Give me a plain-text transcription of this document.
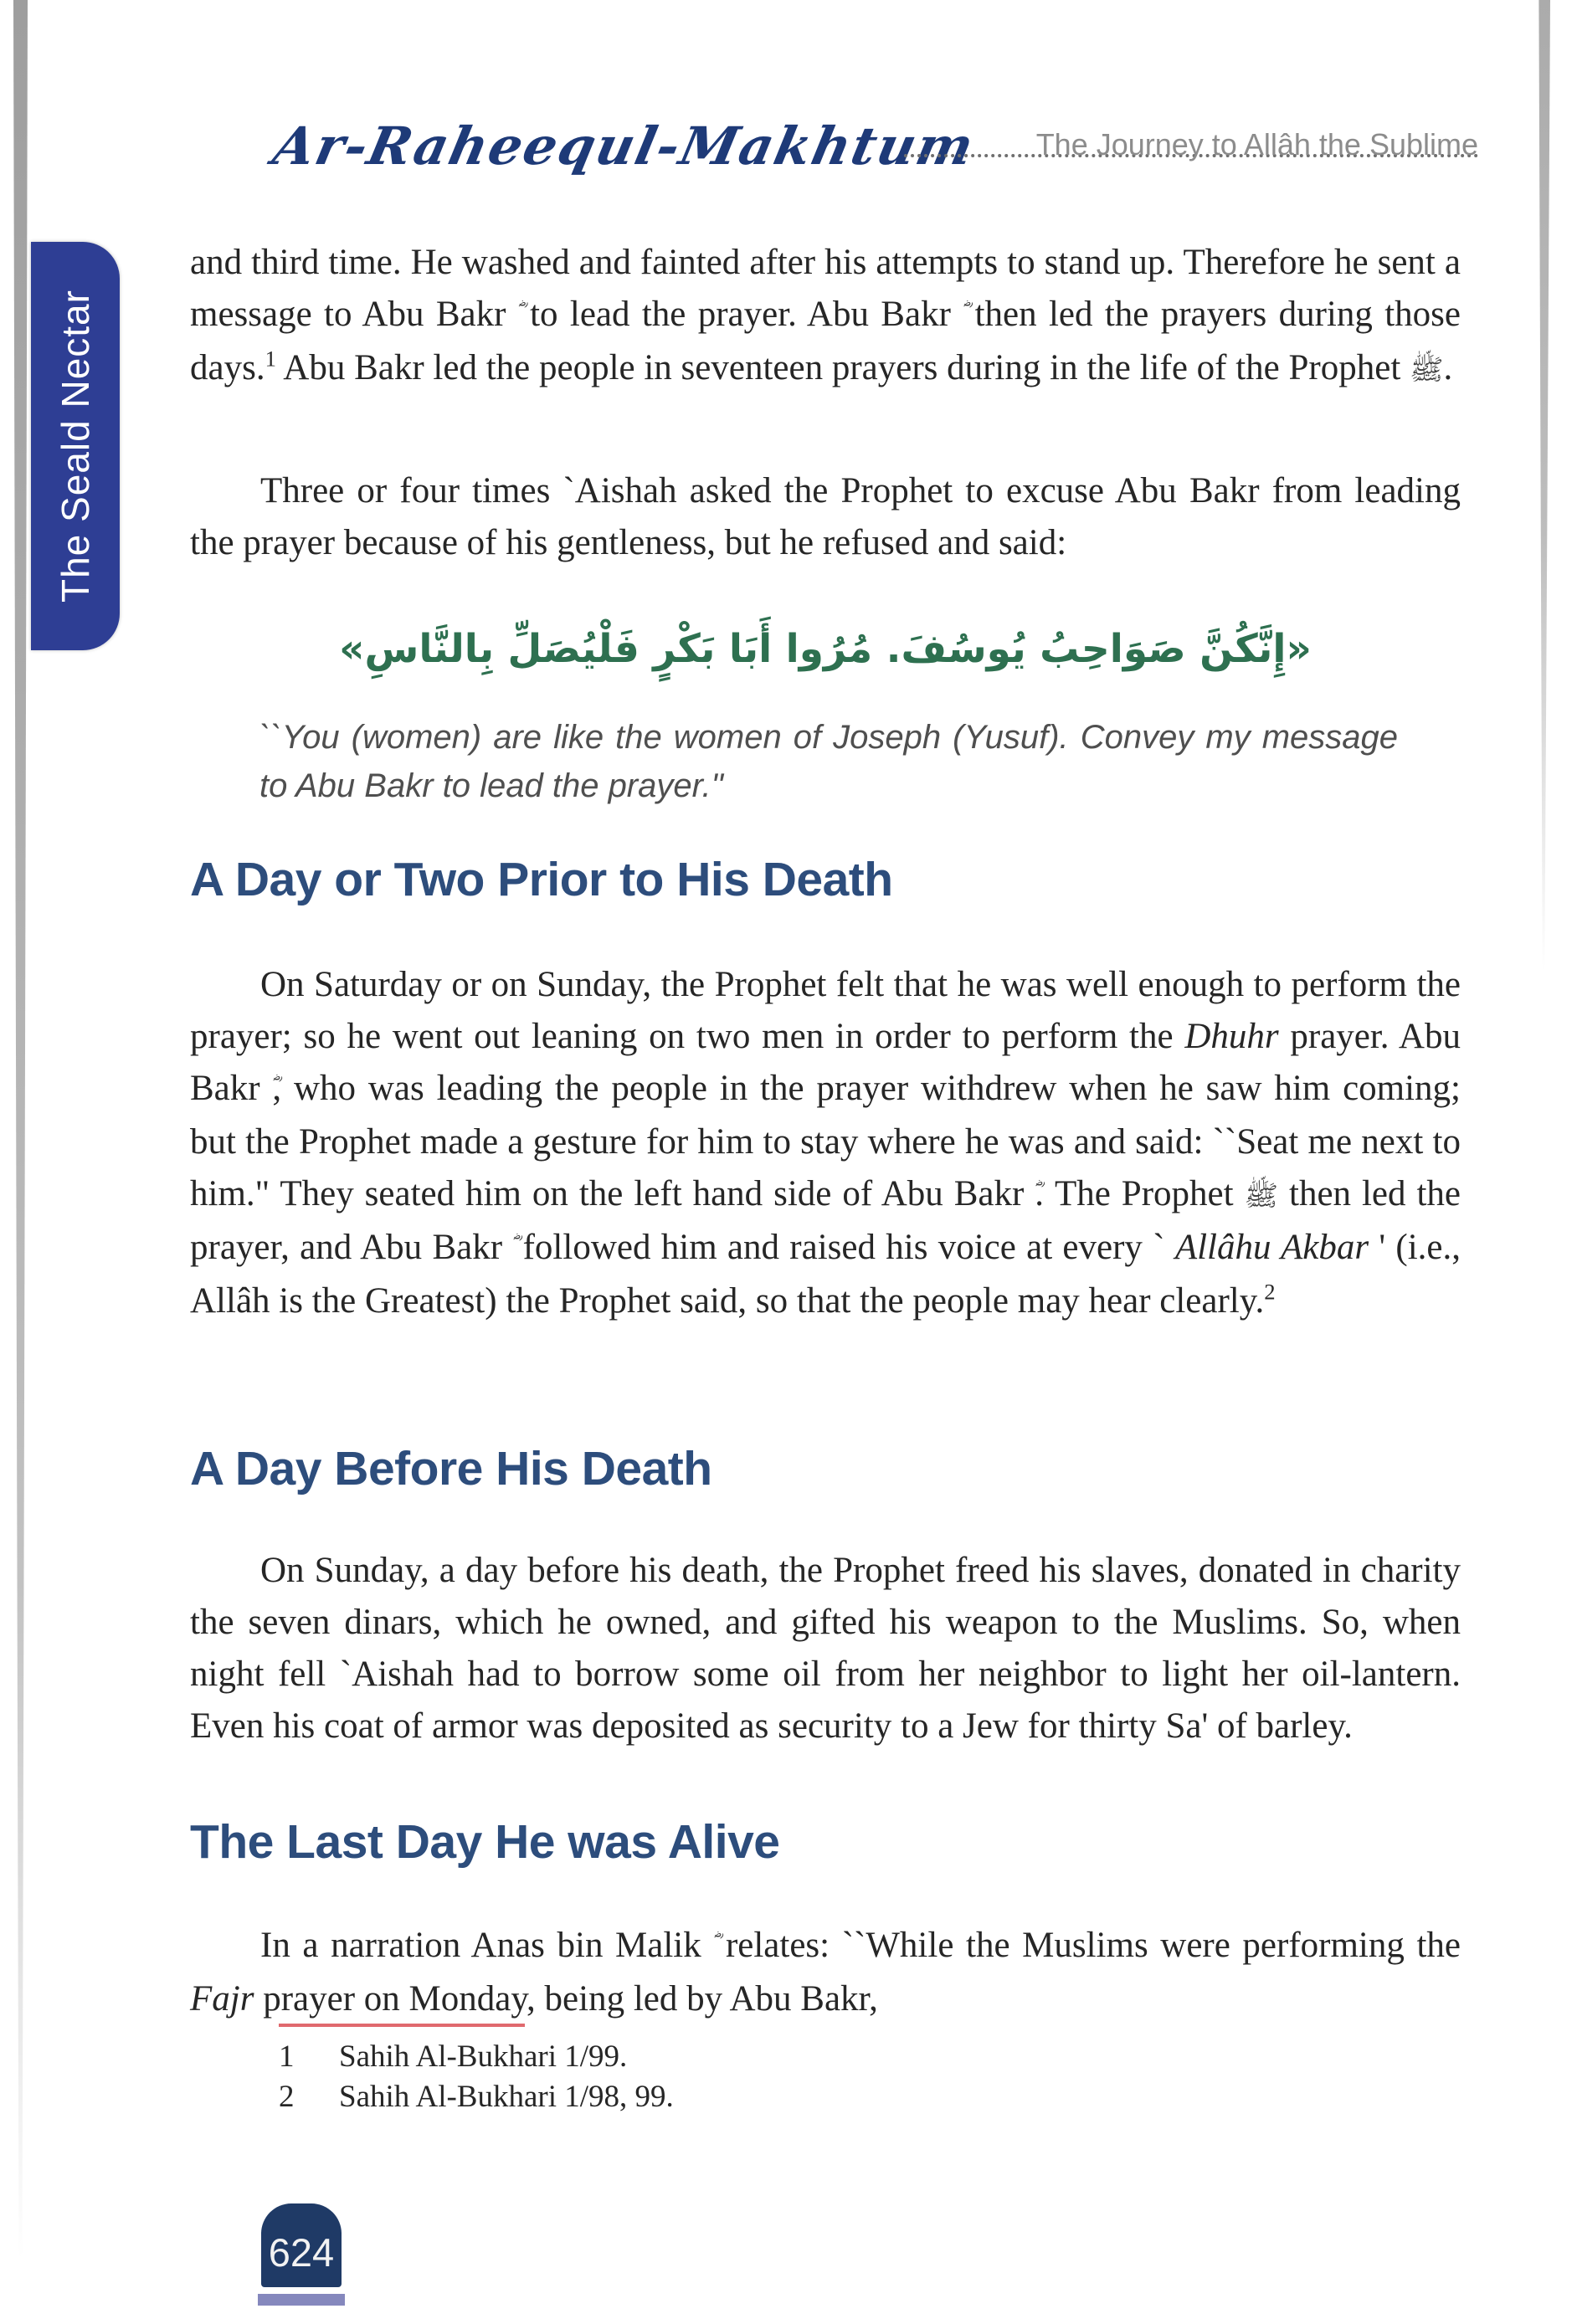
Ar-Raheequl-Makhtum	The Journey to Allâh the Sublime
The Seald Nectar
and third time. He washed and fainted after his attempts to stand up. Therefore he sent a message to Abu Bakr to lead the prayer. Abu Bakr then led the prayers during those days.$^1$ Abu Bakr led the people in seventeen prayers during in the life of the Prophet ﷺ.
Three or four times `Aishah asked the Prophet to excuse Abu Bakr from leading the prayer because of his gentleness, but he refused and said:
«إِنَّكُنَّ صَوَاحِبُ يُوسُفَ. مُرُوا أَبَا بَكْرٍ فَلْيُصَلِّ بِالنَّاسِ»
``You (women) are like the women of Joseph (Yusuf). Convey my message to Abu Bakr to lead the prayer."
A Day or Two Prior to His Death
On Saturday or on Sunday, the Prophet felt that he was well enough to perform the prayer; so he went out leaning on two men in order to perform the Dhuhr prayer. Abu Bakr , who was leading the people in the prayer withdrew when he saw him coming; but the Prophet made a gesture for him to stay where he was and said: ``Seat me next to him." They seated him on the left hand side of Abu Bakr . The Prophet ﷺ then led the prayer, and Abu Bakr followed him and raised his voice at every ` Allâhu Akbar ' (i.e., Allâh is the Greatest) the Prophet said, so that the people may hear clearly.$^2$
A Day Before His Death
On Sunday, a day before his death, the Prophet freed his slaves, donated in charity the seven dinars, which he owned, and gifted his weapon to the Muslims. So, when night fell `Aishah had to borrow some oil from her neighbor to light her oil-lantern. Even his coat of armor was deposited as security to a Jew for thirty Sa' of barley.
The Last Day He was Alive
In a narration Anas bin Malik relates: ``While the Muslims were performing the Fajr prayer on Monday, being led by Abu Bakr,
1	Sahih Al-Bukhari 1/99.
2	Sahih Al-Bukhari 1/98, 99.
624
